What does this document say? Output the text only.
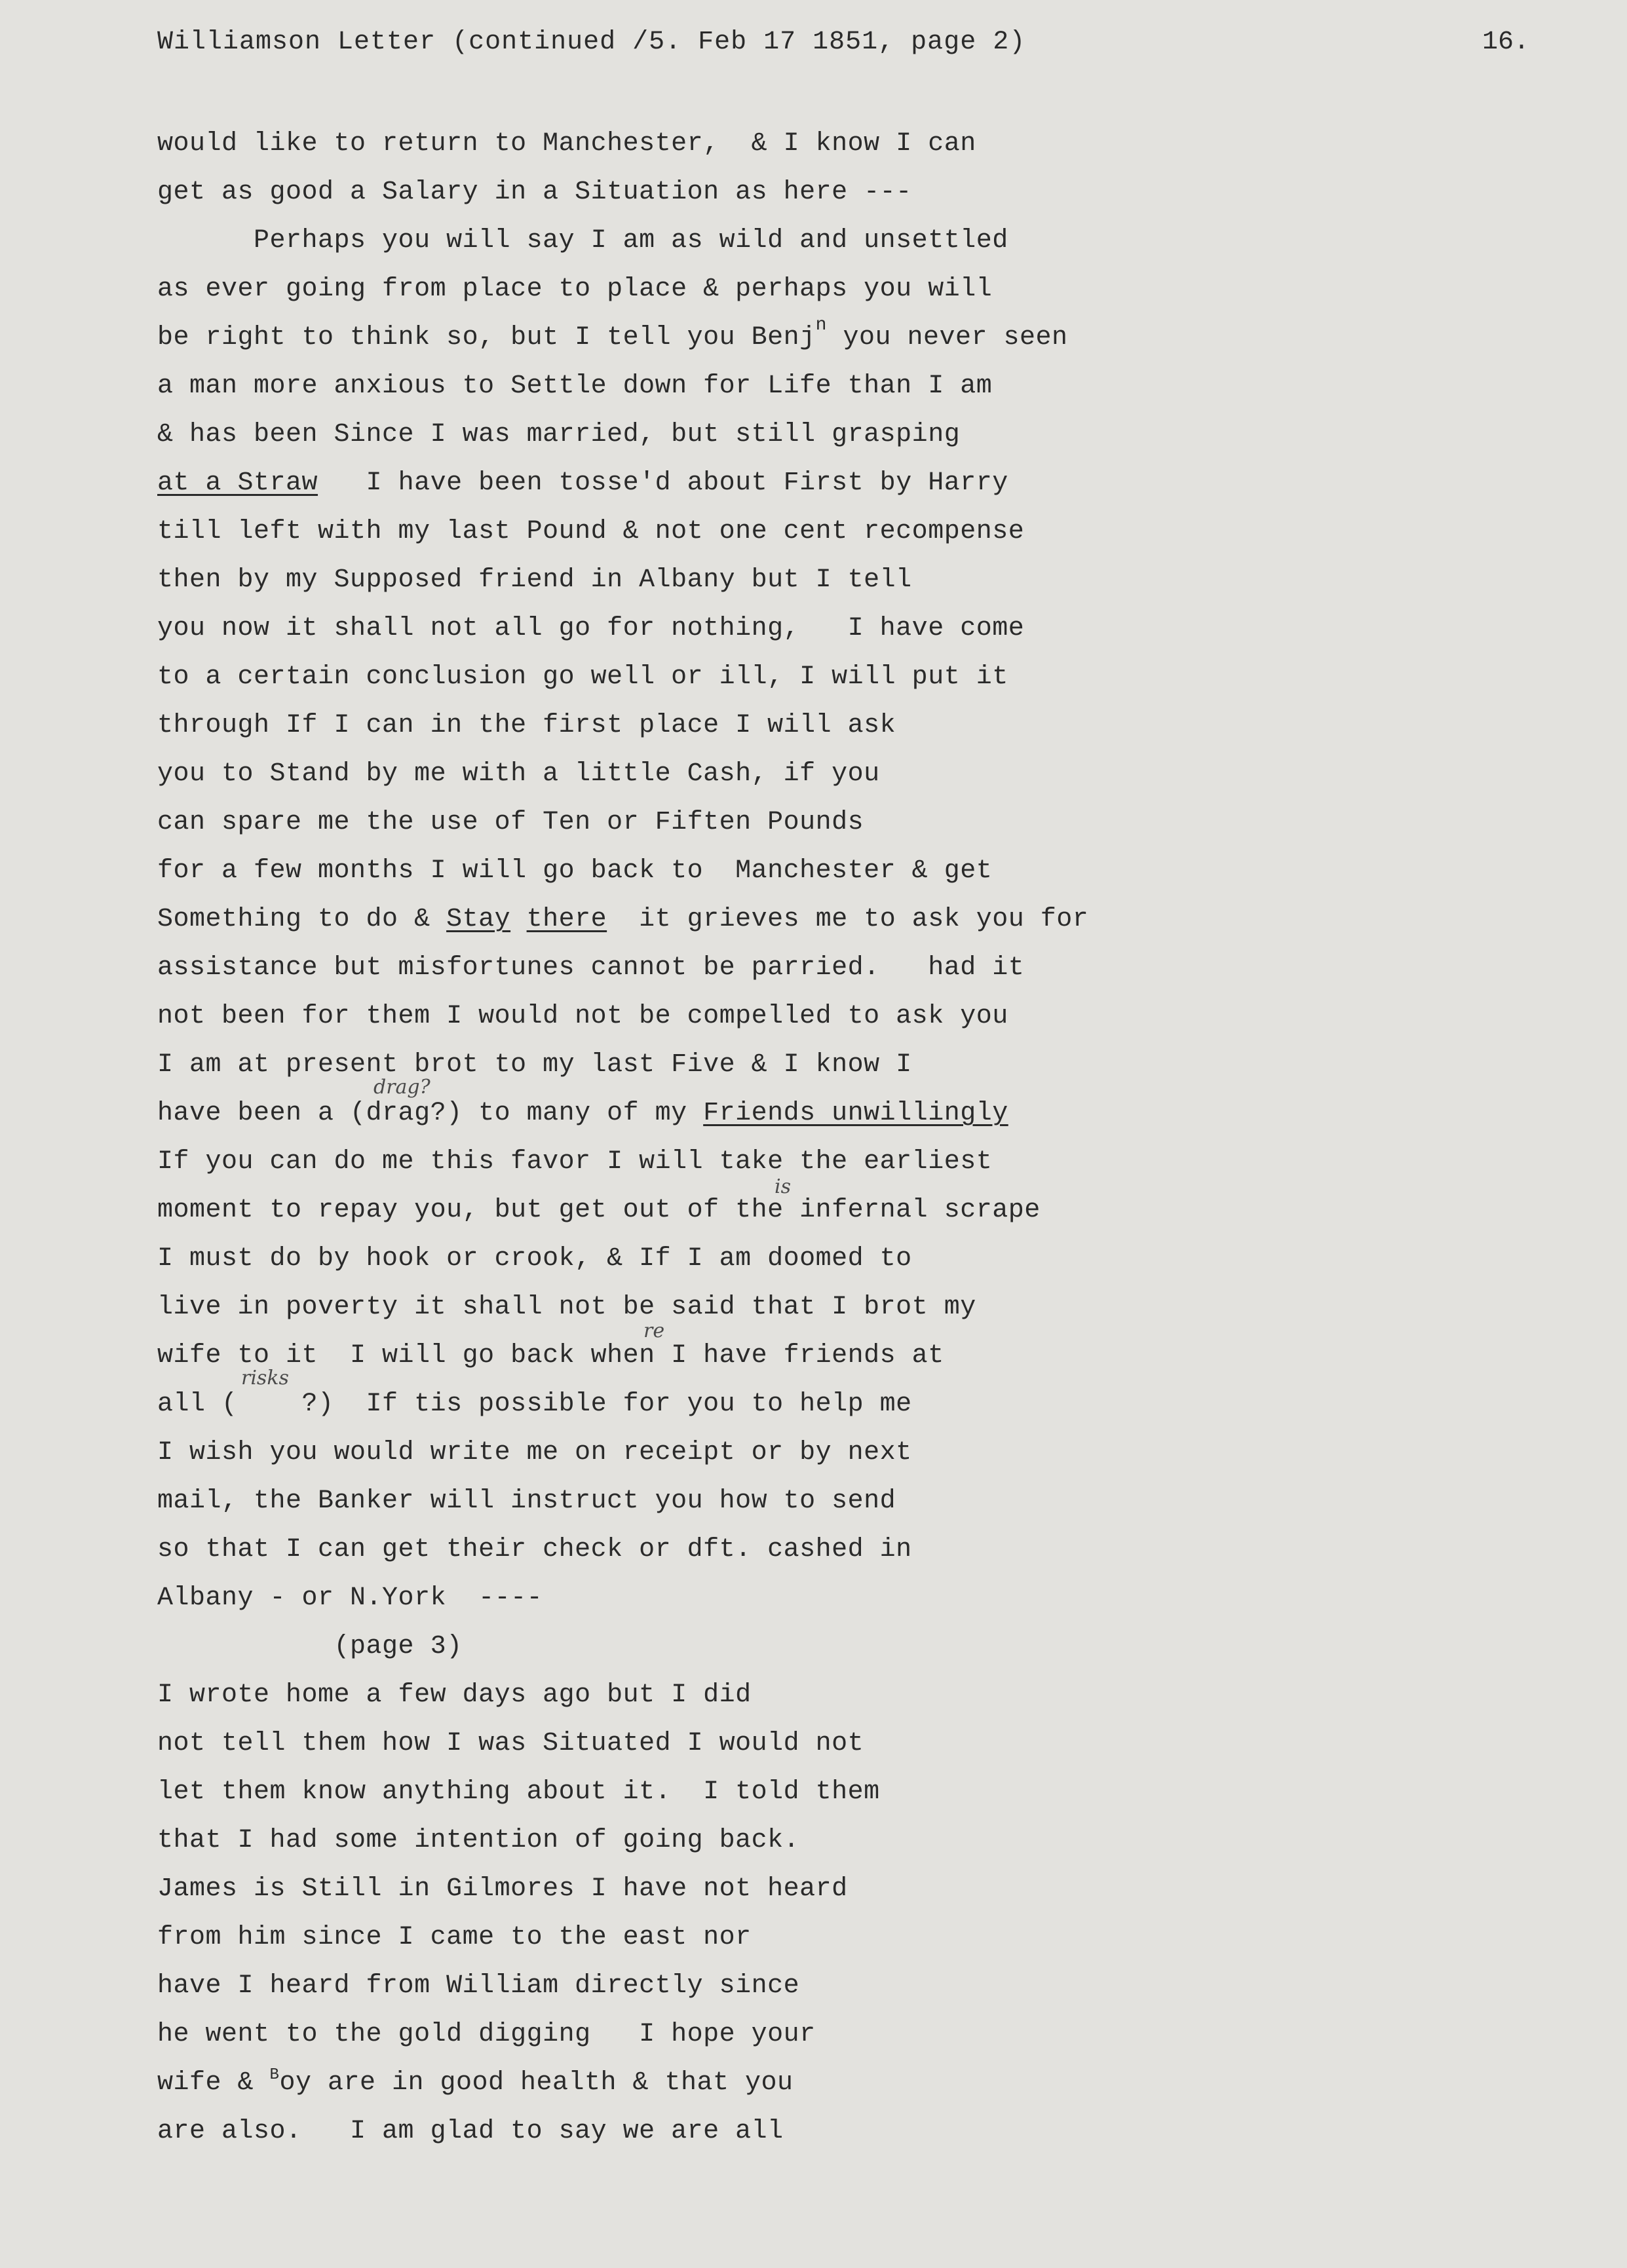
Williamson Letter (continued /5. Feb 17 1851, page 2)	16.
would like to return to Manchester,  & I know I can
get as good a Salary in a Situation as here ---
Perhaps you will say I am as wild and unsettled
as ever going from place to place & perhaps you will
be right to think so, but I tell you Benj$^n$ you never seen
a man more anxious to Settle down for Life than I am
& has been Since I was married, but still grasping
at a Straw   I have been tosse'd about First by Harry
till left with my last Pound & not one cent recompense
then by my Supposed friend in Albany but I tell
you now it shall not all go for nothing,   I have come
to a certain conclusion go well or ill, I will put it
through If I can in the first place I will ask
you to Stand by me with a little Cash, if you
can spare me the use of Ten or Fiften Pounds
for a few months I will go back to  Manchester & get
Something to do & Stay there  it grieves me to ask you for
assistance but misfortunes cannot be parried.   had it
not been for them I would not be compelled to ask you
I am at present brot to my last Five & I know I
have been a (drag?) to many of my Friends unwillingly
If you can do me this favor I will take the earliest
moment to repay you, but get out of the infernal scrape
I must do by hook or crook, & If I am doomed to
live in poverty it shall not be said that I brot my
wife to it  I will go back when I have friends at
all (    ?)  If tis possible for you to help me
I wish you would write me on receipt or by next
mail, the Banker will instruct you how to send
so that I can get their check or dft. cashed in
Albany - or N.York  ----
(page 3)
I wrote home a few days ago but I did
not tell them how I was Situated I would not
let them know anything about it.  I told them
that I had some intention of going back.
James is Still in Gilmores I have not heard
from him since I came to the east nor
have I heard from William directly since
he went to the gold digging   I hope your
wife & $^B$oy are in good health & that you
are also.   I am glad to say we are all
drag?
is
re
risks
